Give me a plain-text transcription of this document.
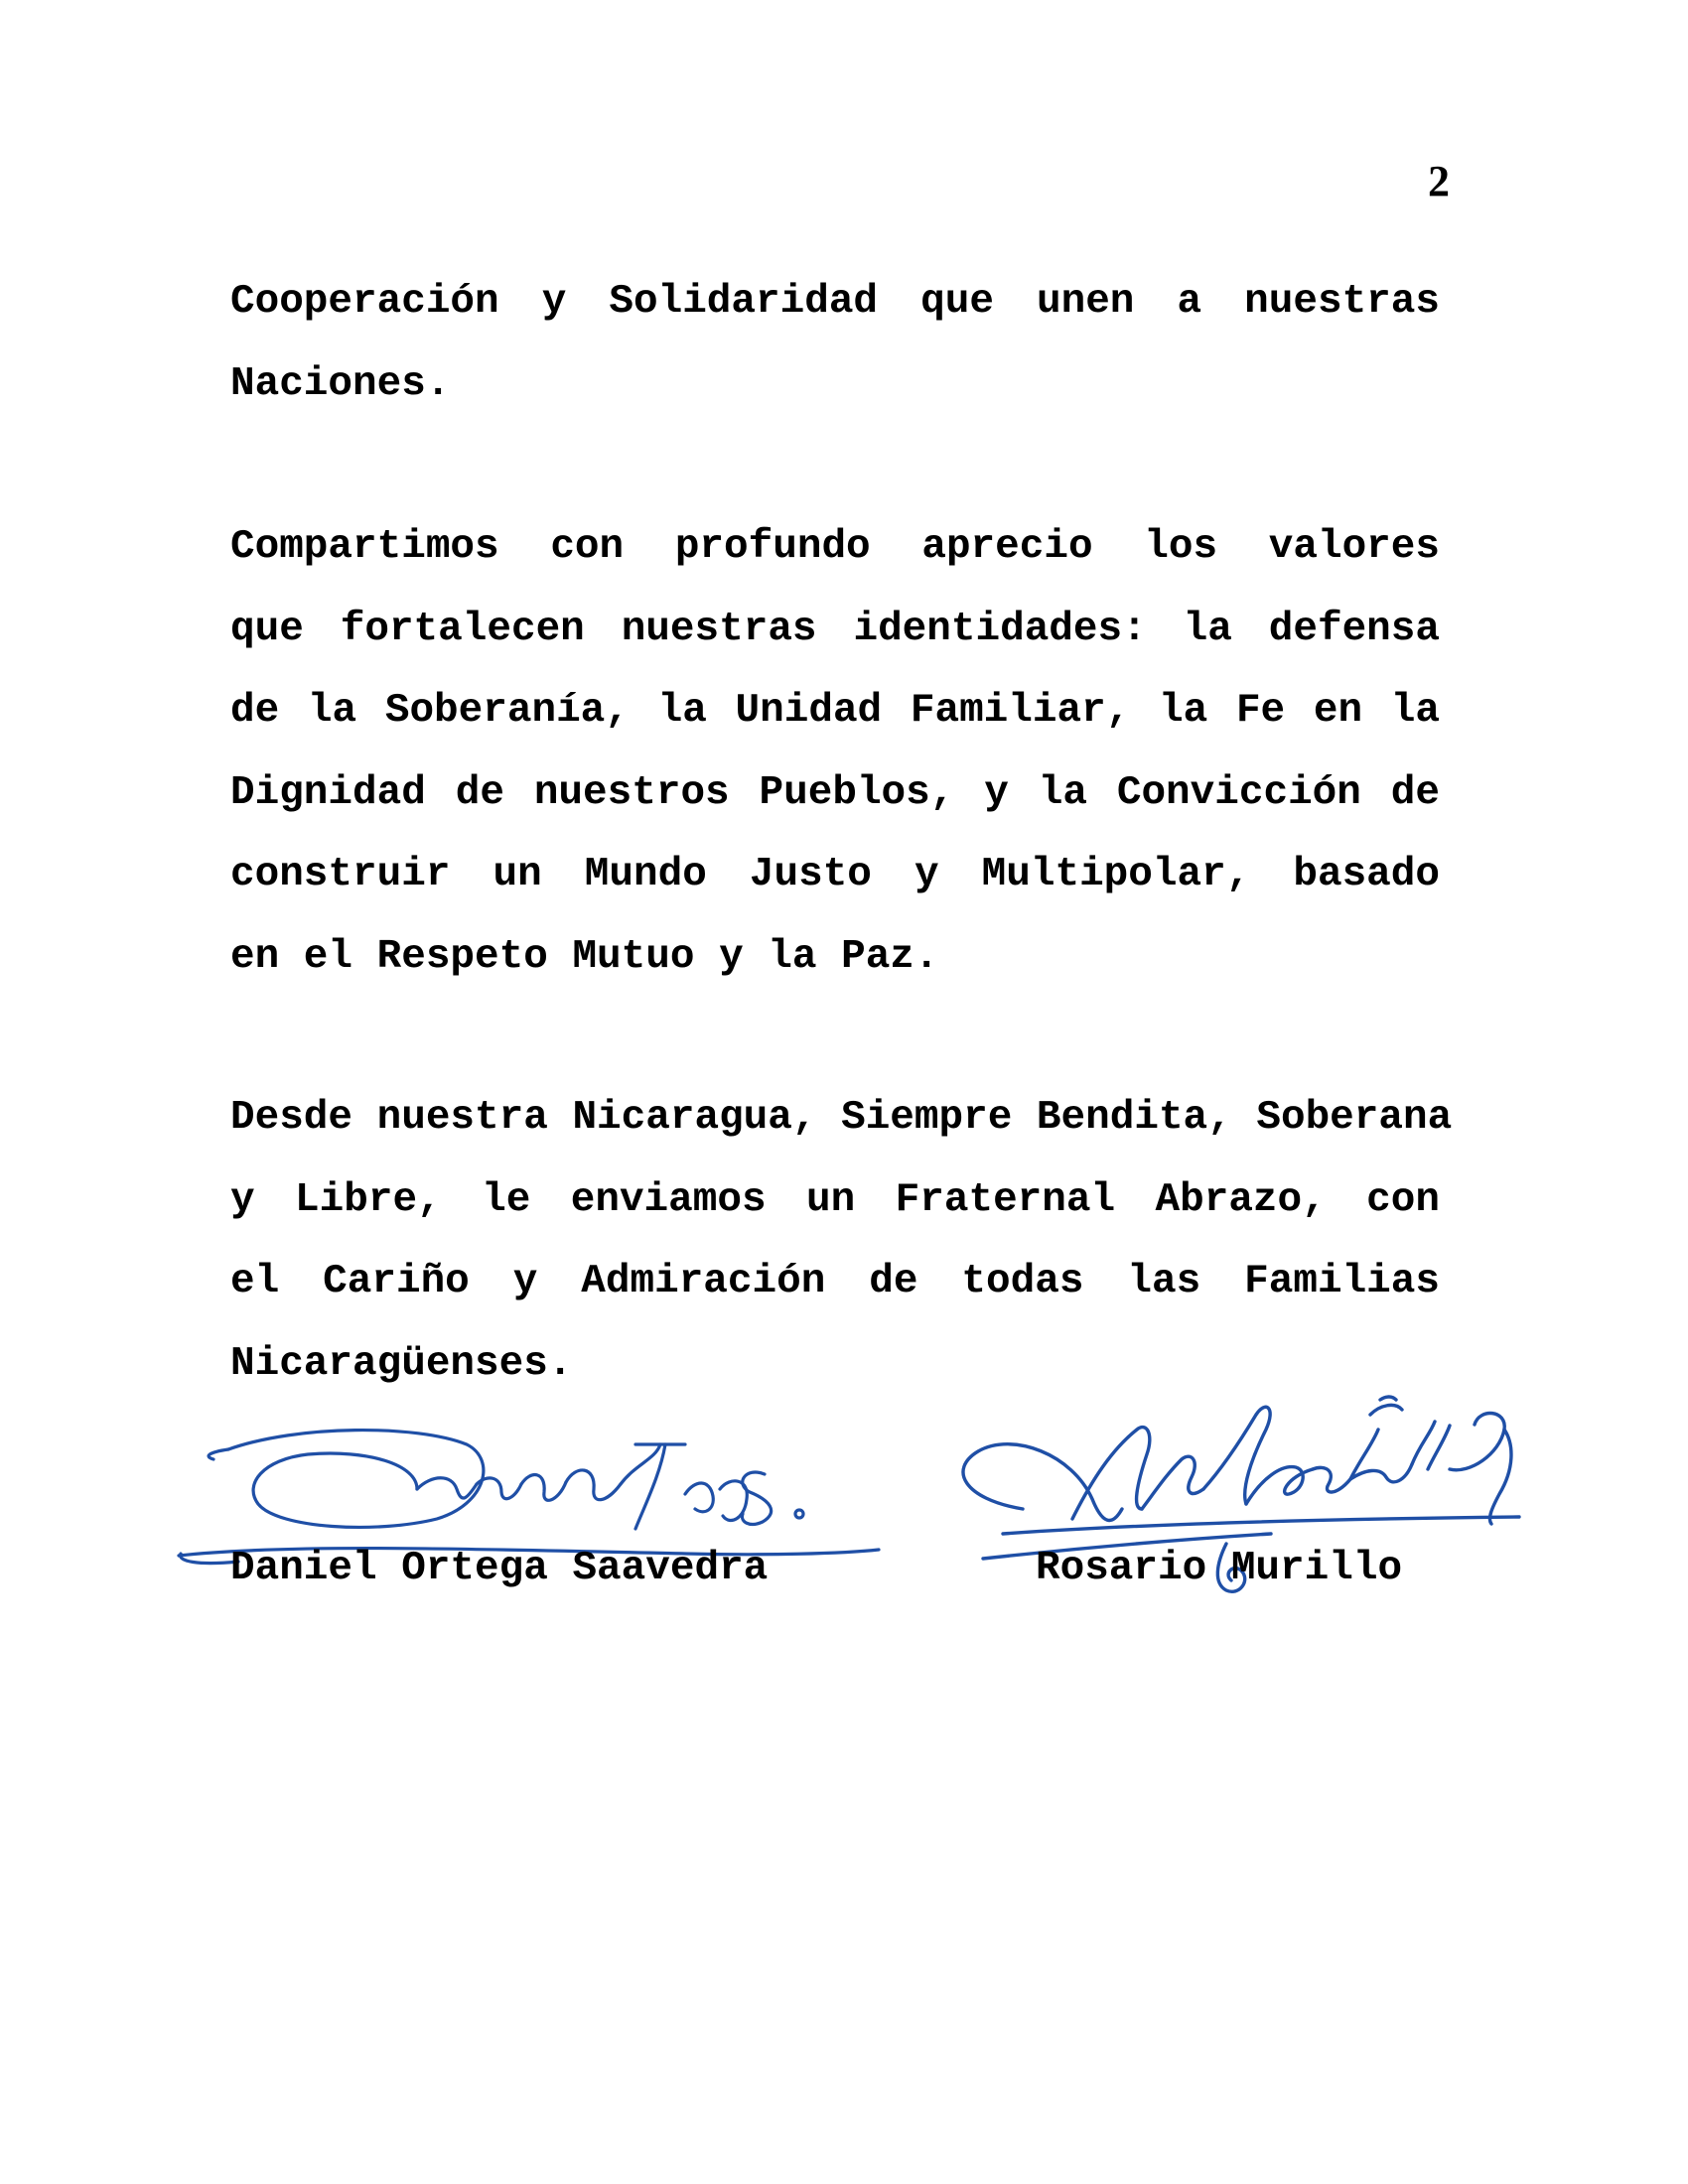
2

Cooperación y Solidaridad que unen a nuestras
Naciones.

Compartimos con profundo aprecio los valores
que fortalecen nuestras identidades: la defensa
de la Soberanía, la Unidad Familiar, la Fe en la
Dignidad de nuestros Pueblos, y la Convicción de
construir un Mundo Justo y Multipolar, basado
en el Respeto Mutuo y la Paz.

Desde nuestra Nicaragua, Siempre Bendita, Soberana
y Libre, le enviamos un Fraternal Abrazo, con
el Cariño y Admiración de todas las Familias
Nicaragüenses.

Daniel Ortega Saavedra	Rosario Murillo
